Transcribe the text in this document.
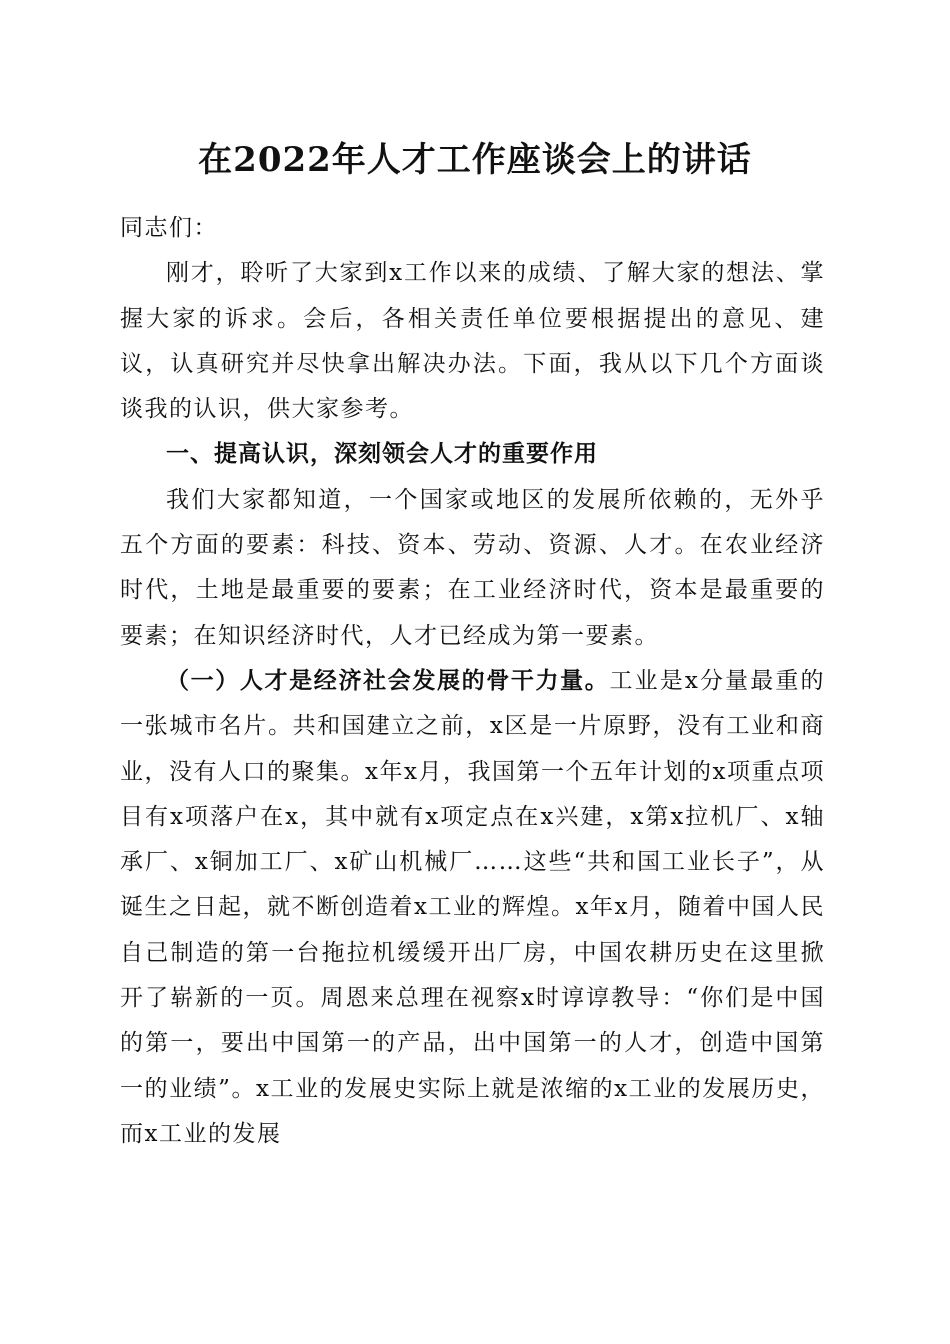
在2022年人才工作座谈会上的讲话

同志们：

刚才，聆听了大家到x工作以来的成绩、了解大家的想法、掌握大家的诉求。会后，各相关责任单位要根据提出的意见、建议，认真研究并尽快拿出解决办法。下面，我从以下几个方面谈谈我的认识，供大家参考。

一、提高认识，深刻领会人才的重要作用

我们大家都知道，一个国家或地区的发展所依赖的，无外乎五个方面的要素：科技、资本、劳动、资源、人才。在农业经济时代，土地是最重要的要素；在工业经济时代，资本是最重要的要素；在知识经济时代，人才已经成为第一要素。

（一）人才是经济社会发展的骨干力量。工业是x分量最重的一张城市名片。共和国建立之前，x区是一片原野，没有工业和商业，没有人口的聚集。x年x月，我国第一个五年计划的x项重点项目有x项落户在x，其中就有x项定点在x兴建，x第x拉机厂、x轴承厂、x铜加工厂、x矿山机械厂……这些“共和国工业长子”，从诞生之日起，就不断创造着x工业的辉煌。x年x月，随着中国人民自己制造的第一台拖拉机缓缓开出厂房，中国农耕历史在这里掀开了崭新的一页。周恩来总理在视察x时谆谆教导：“你们是中国的第一，要出中国第一的产品，出中国第一的人才，创造中国第一的业绩”。x工业的发展史实际上就是浓缩的x工业的发展历史，而x工业的发展
